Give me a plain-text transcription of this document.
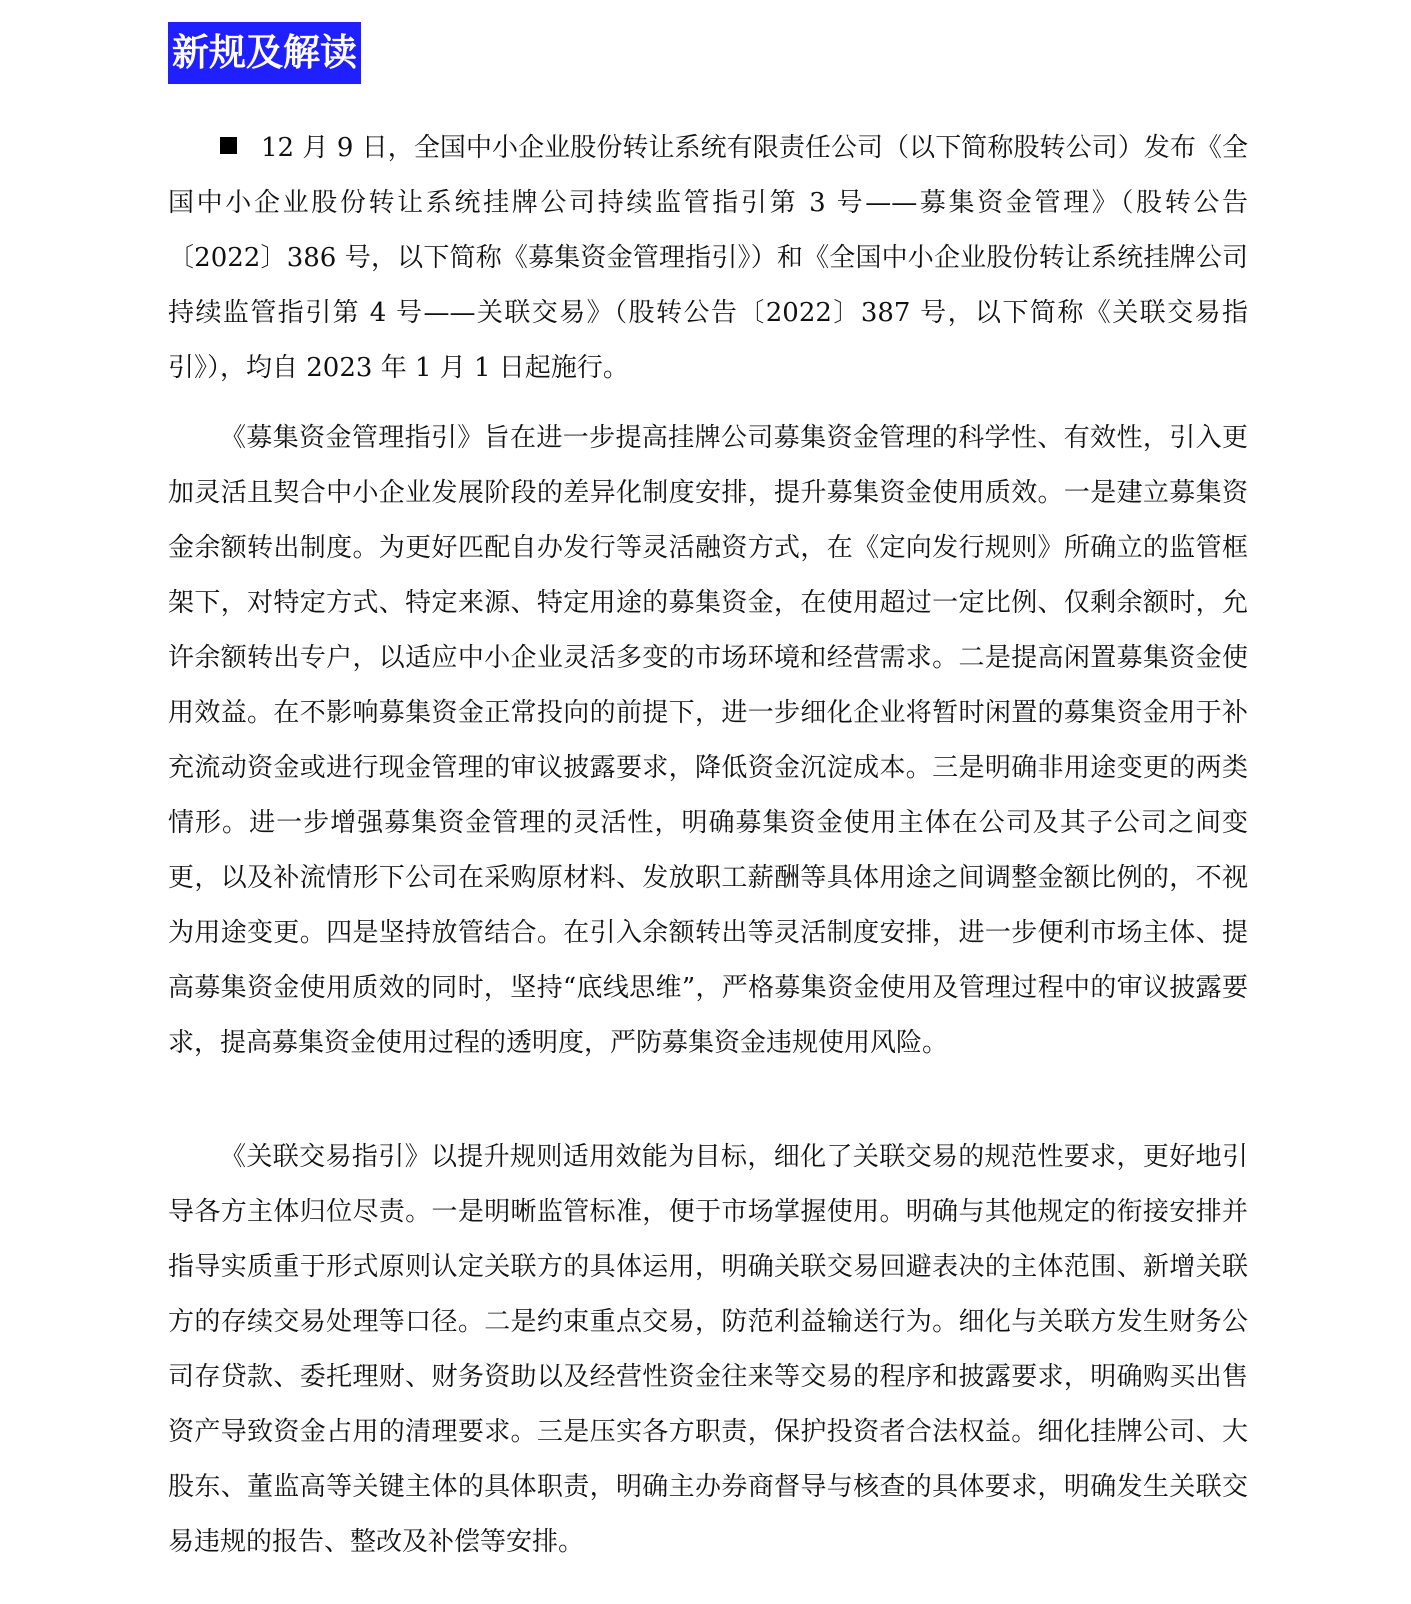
新规及解读

12 月 9 日，全国中小企业股份转让系统有限责任公司（以下简称股转公司）发布《全国中小企业股份转让系统挂牌公司持续监管指引第 3 号——募集资金管理》（股转公告〔2022〕386 号，以下简称《募集资金管理指引》）和《全国中小企业股份转让系统挂牌公司持续监管指引第 4 号——关联交易》（股转公告〔2022〕387 号，以下简称《关联交易指引》），均自 2023 年 1 月 1 日起施行。

《募集资金管理指引》旨在进一步提高挂牌公司募集资金管理的科学性、有效性，引入更加灵活且契合中小企业发展阶段的差异化制度安排，提升募集资金使用质效。一是建立募集资金余额转出制度。为更好匹配自办发行等灵活融资方式，在《定向发行规则》所确立的监管框架下，对特定方式、特定来源、特定用途的募集资金，在使用超过一定比例、仅剩余额时，允许余额转出专户，以适应中小企业灵活多变的市场环境和经营需求。二是提高闲置募集资金使用效益。在不影响募集资金正常投向的前提下，进一步细化企业将暂时闲置的募集资金用于补充流动资金或进行现金管理的审议披露要求，降低资金沉淀成本。三是明确非用途变更的两类情形。进一步增强募集资金管理的灵活性，明确募集资金使用主体在公司及其子公司之间变更，以及补流情形下公司在采购原材料、发放职工薪酬等具体用途之间调整金额比例的，不视为用途变更。四是坚持放管结合。在引入余额转出等灵活制度安排，进一步便利市场主体、提高募集资金使用质效的同时，坚持“底线思维”，严格募集资金使用及管理过程中的审议披露要求，提高募集资金使用过程的透明度，严防募集资金违规使用风险。

《关联交易指引》以提升规则适用效能为目标，细化了关联交易的规范性要求，更好地引导各方主体归位尽责。一是明晰监管标准，便于市场掌握使用。明确与其他规定的衔接安排并指导实质重于形式原则认定关联方的具体运用，明确关联交易回避表决的主体范围、新增关联方的存续交易处理等口径。二是约束重点交易，防范利益输送行为。细化与关联方发生财务公司存贷款、委托理财、财务资助以及经营性资金往来等交易的程序和披露要求，明确购买出售资产导致资金占用的清理要求。三是压实各方职责，保护投资者合法权益。细化挂牌公司、大股东、董监高等关键主体的具体职责，明确主办券商督导与核查的具体要求，明确发生关联交易违规的报告、整改及补偿等安排。
